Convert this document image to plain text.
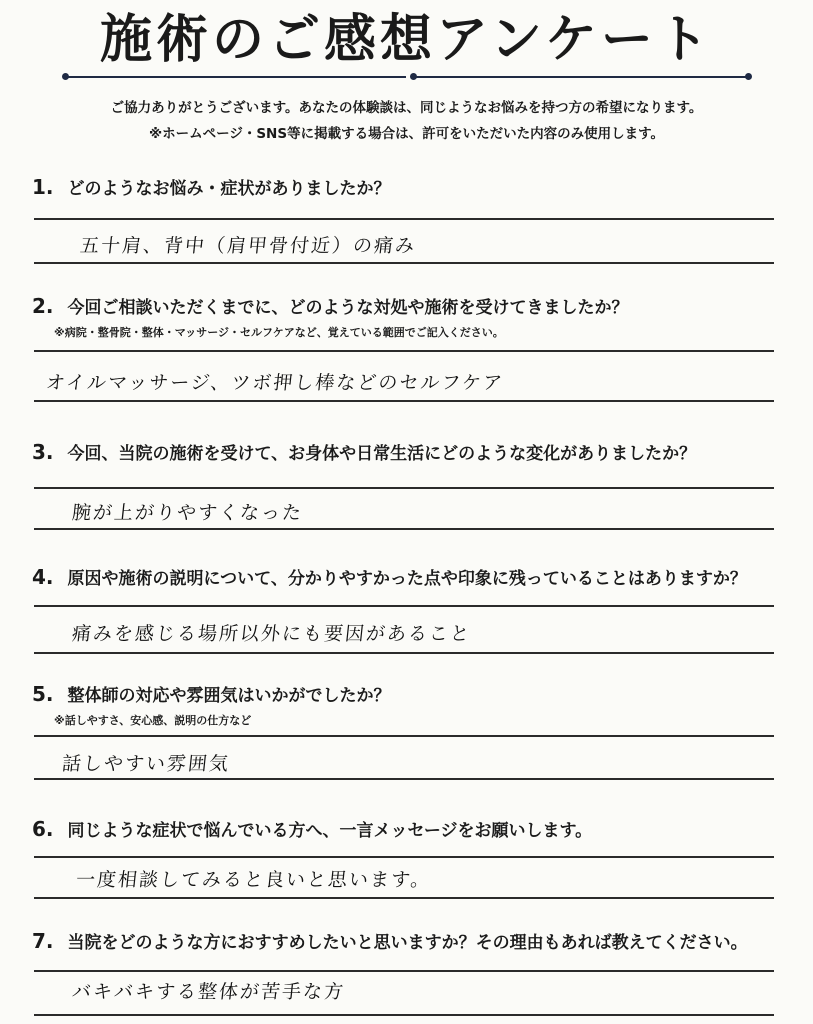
施術のご感想アンケート
ご協力ありがとうございます。あなたの体験談は、同じようなお悩みを持つ方の希望になります。
※ホームページ・SNS等に掲載する場合は、許可をいただいた内容のみ使用します。
1. どのようなお悩み・症状がありましたか？
五十肩、背中（肩甲骨付近）の痛み
2. 今回ご相談いただくまでに、どのような対処や施術を受けてきましたか？
※病院・整骨院・整体・マッサージ・セルフケアなど、覚えている範囲でご記入ください。
オイルマッサージ、ツボ押し棒などのセルフケア
3. 今回、当院の施術を受けて、お身体や日常生活にどのような変化がありましたか？
腕が上がりやすくなった
4. 原因や施術の説明について、分かりやすかった点や印象に残っていることはありますか？
痛みを感じる場所以外にも要因があること
5. 整体師の対応や雰囲気はいかがでしたか？
※話しやすさ、安心感、説明の仕方など
話しやすい雰囲気
6. 同じような症状で悩んでいる方へ、一言メッセージをお願いします。
一度相談してみると良いと思います。
7. 当院をどのような方におすすめしたいと思いますか？その理由もあれば教えてください。
バキバキする整体が苦手な方
